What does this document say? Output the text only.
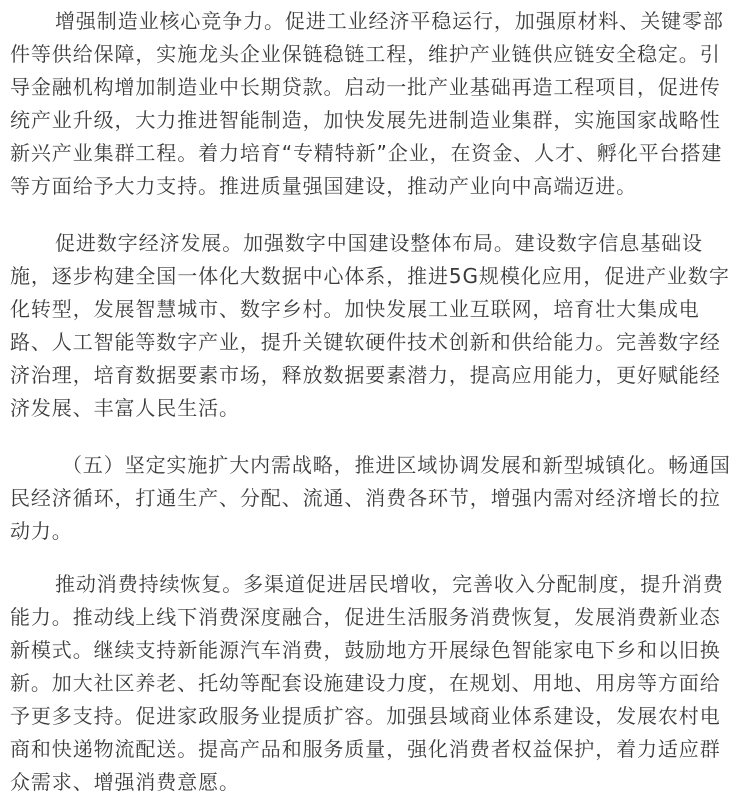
增强制造业核心竞争力。促进工业经济平稳运行，加强原材料、关键零部
件等供给保障，实施龙头企业保链稳链工程，维护产业链供应链安全稳定。引
导金融机构增加制造业中长期贷款。启动一批产业基础再造工程项目，促进传
统产业升级，大力推进智能制造，加快发展先进制造业集群，实施国家战略性
新兴产业集群工程。着力培育“专精特新”企业，在资金、人才、孵化平台搭建
等方面给予大力支持。推进质量强国建设，推动产业向中高端迈进。
促进数字经济发展。加强数字中国建设整体布局。建设数字信息基础设
施，逐步构建全国一体化大数据中心体系，推进5G规模化应用，促进产业数字
化转型，发展智慧城市、数字乡村。加快发展工业互联网，培育壮大集成电
路、人工智能等数字产业，提升关键软硬件技术创新和供给能力。完善数字经
济治理，培育数据要素市场，释放数据要素潜力，提高应用能力，更好赋能经
济发展、丰富人民生活。
（五）坚定实施扩大内需战略，推进区域协调发展和新型城镇化。畅通国
民经济循环，打通生产、分配、流通、消费各环节，增强内需对经济增长的拉
动力。
推动消费持续恢复。多渠道促进居民增收，完善收入分配制度，提升消费
能力。推动线上线下消费深度融合，促进生活服务消费恢复，发展消费新业态
新模式。继续支持新能源汽车消费，鼓励地方开展绿色智能家电下乡和以旧换
新。加大社区养老、托幼等配套设施建设力度，在规划、用地、用房等方面给
予更多支持。促进家政服务业提质扩容。加强县域商业体系建设，发展农村电
商和快递物流配送。提高产品和服务质量，强化消费者权益保护，着力适应群
众需求、增强消费意愿。
